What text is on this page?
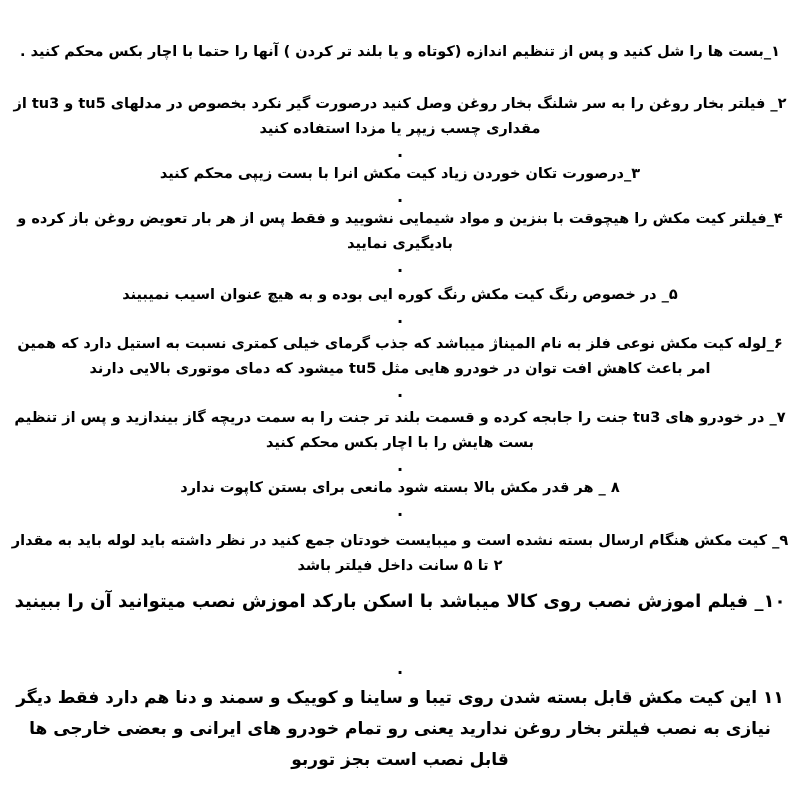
۱_بست ها را شل کنید و پس از تنظیم اندازه (کوتاه و یا بلند تر کردن ) آنها را حتما با اچار بکس محکم کنید .

۲_ فیلتر بخار روغن را به سر شلنگ بخار روغن وصل کنید درصورت گیر نکرد بخصوص در مدلهای tu5 و tu3 از مقداری چسب زیپر یا مزدا استفاده کنید

.

۳_درصورت تکان خوردن زیاد کیت مکش انرا با بست زیپی محکم کنید

.

۴_فیلتر کیت مکش را هیچوقت با بنزین و مواد شیمایی نشویید و فقط پس از هر بار تعویض روغن باز کرده و بادیگیری نمایید

.

۵_ در خصوص رنگ کیت مکش رنگ کوره ایی بوده و به هیچ عنوان اسیب نمیبیند

.

۶_لوله کیت مکش نوعی فلز به نام المیناژ میباشد که جذب گرمای خیلی کمتری نسبت به استیل دارد که همین امر باعث کاهش افت توان در خودرو هایی مثل tu5 میشود که دمای موتوری بالایی دارند

.

۷_ در خودرو های tu3 جنت را جابجه کرده و قسمت بلند تر جنت را به سمت دریچه گاز بیندازید و پس از تنظیم بست هایش را با اچار بکس محکم کنید

.

۸ _ هر قدر مکش بالا بسته شود مانعی برای بستن کاپوت ندارد

.

۹_ کیت مکش هنگام ارسال بسته نشده است و میبایست خودتان جمع کنید در نظر داشته باید لوله باید به مقدار ۲ تا ۵ سانت داخل فیلتر باشد

۱۰_ فیلم اموزش نصب روی کالا میباشد با اسکن بارکد اموزش نصب میتوانید آن را ببینید

.

۱۱ این کیت مکش قابل بسته شدن روی تیبا و ساینا و کوییک و سمند و دنا هم دارد فقط دیگر نیازی به نصب فیلتر بخار روغن ندارید یعنی رو تمام خودرو های ایرانی و بعضی خارجی ها قابل نصب است بجز توربو
